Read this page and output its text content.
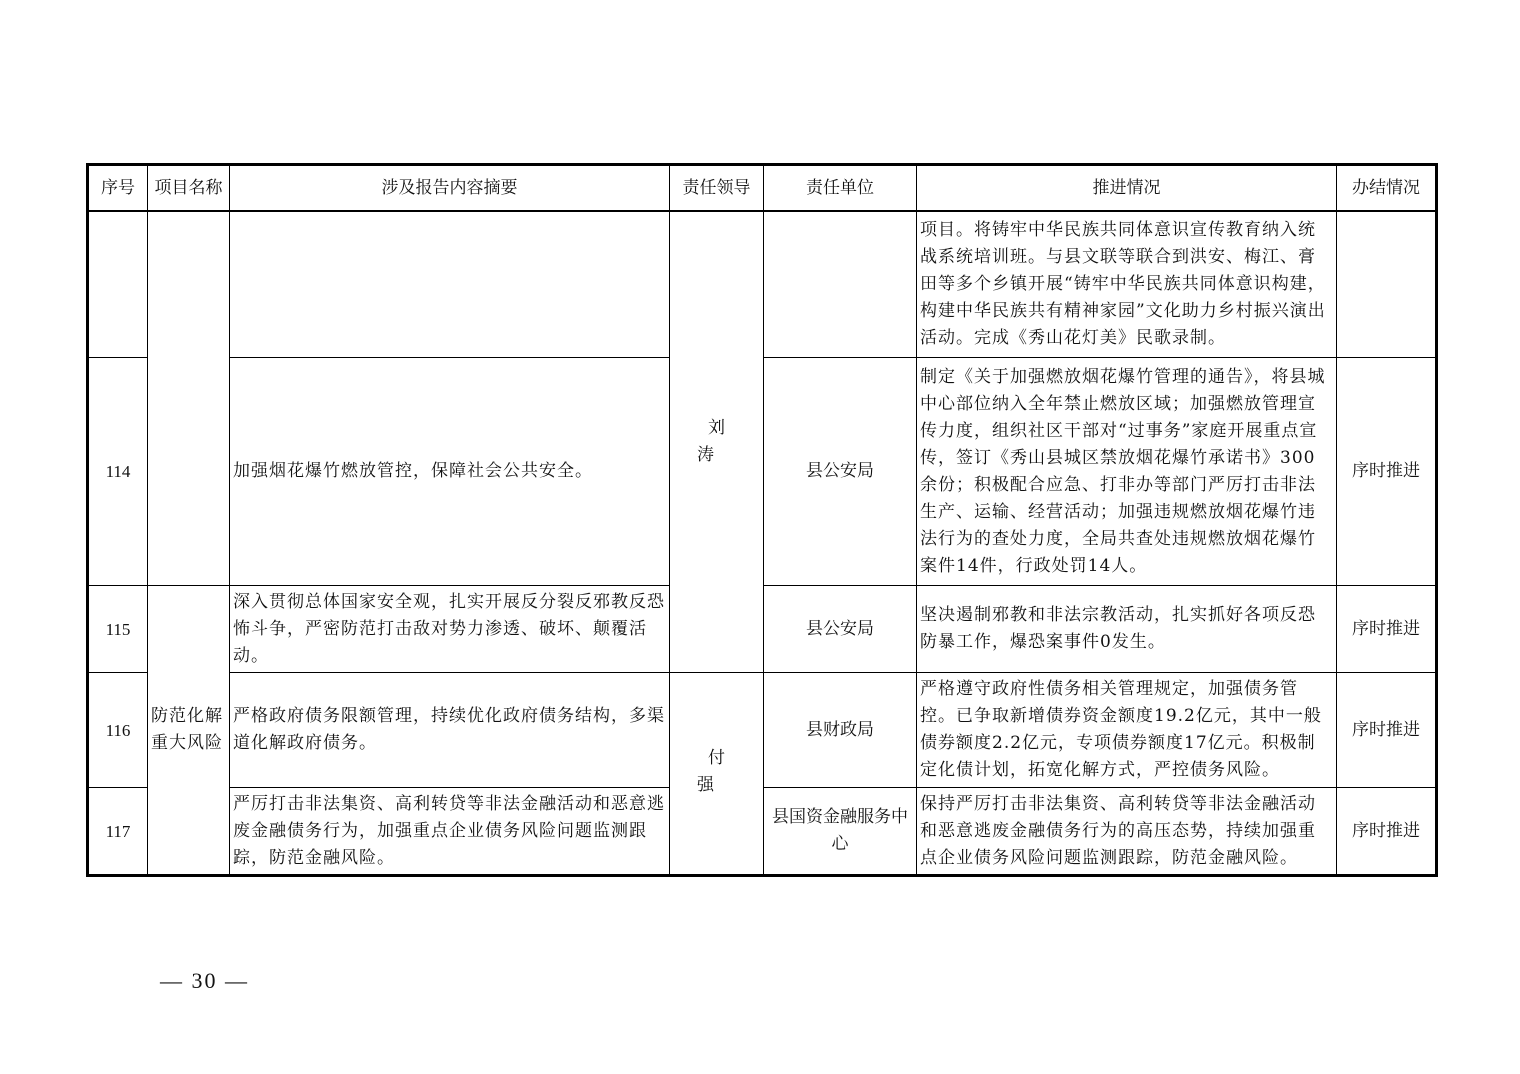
序号	项目名称	涉及报告内容摘要	责任领导	责任单位	推进情况	办结情况
			刘　涛		项目。将铸牢中华民族共同体意识宣传教育纳入统战系统培训班。与县文联等联合到洪安、梅江、膏田等多个乡镇开展“铸牢中华民族共同体意识构建，构建中华民族共有精神家园”文化助力乡村振兴演出活动。完成《秀山花灯美》民歌录制。	
114		加强烟花爆竹燃放管控，保障社会公共安全。		县公安局	制定《关于加强燃放烟花爆竹管理的通告》，将县城中心部位纳入全年禁止燃放区域；加强燃放管理宣传力度，组织社区干部对“过事务”家庭开展重点宣传，签订《秀山县城区禁放烟花爆竹承诺书》300余份；积极配合应急、打非办等部门严厉打击非法生产、运输、经营活动；加强违规燃放烟花爆竹违法行为的查处力度，全局共查处违规燃放烟花爆竹案件14件，行政处罚14人。	序时推进
115	防范化解重大风险	深入贯彻总体国家安全观，扎实开展反分裂反邪教反恐怖斗争，严密防范打击敌对势力渗透、破坏、颠覆活动。		县公安局	坚决遏制邪教和非法宗教活动，扎实抓好各项反恐防暴工作，爆恐案事件0发生。	序时推进
116		严格政府债务限额管理，持续优化政府债务结构，多渠道化解政府债务。	付　强	县财政局	严格遵守政府性债务相关管理规定，加强债务管控。已争取新增债券资金额度19.2亿元，其中一般债券额度2.2亿元，专项债券额度17亿元。积极制定化债计划，拓宽化解方式，严控债务风险。	序时推进
117		严厉打击非法集资、高利转贷等非法金融活动和恶意逃废金融债务行为，加强重点企业债务风险问题监测跟踪，防范金融风险。		县国资金融服务中心	保持严厉打击非法集资、高利转贷等非法金融活动和恶意逃废金融债务行为的高压态势，持续加强重点企业债务风险问题监测跟踪，防范金融风险。	序时推进
— 30 —
